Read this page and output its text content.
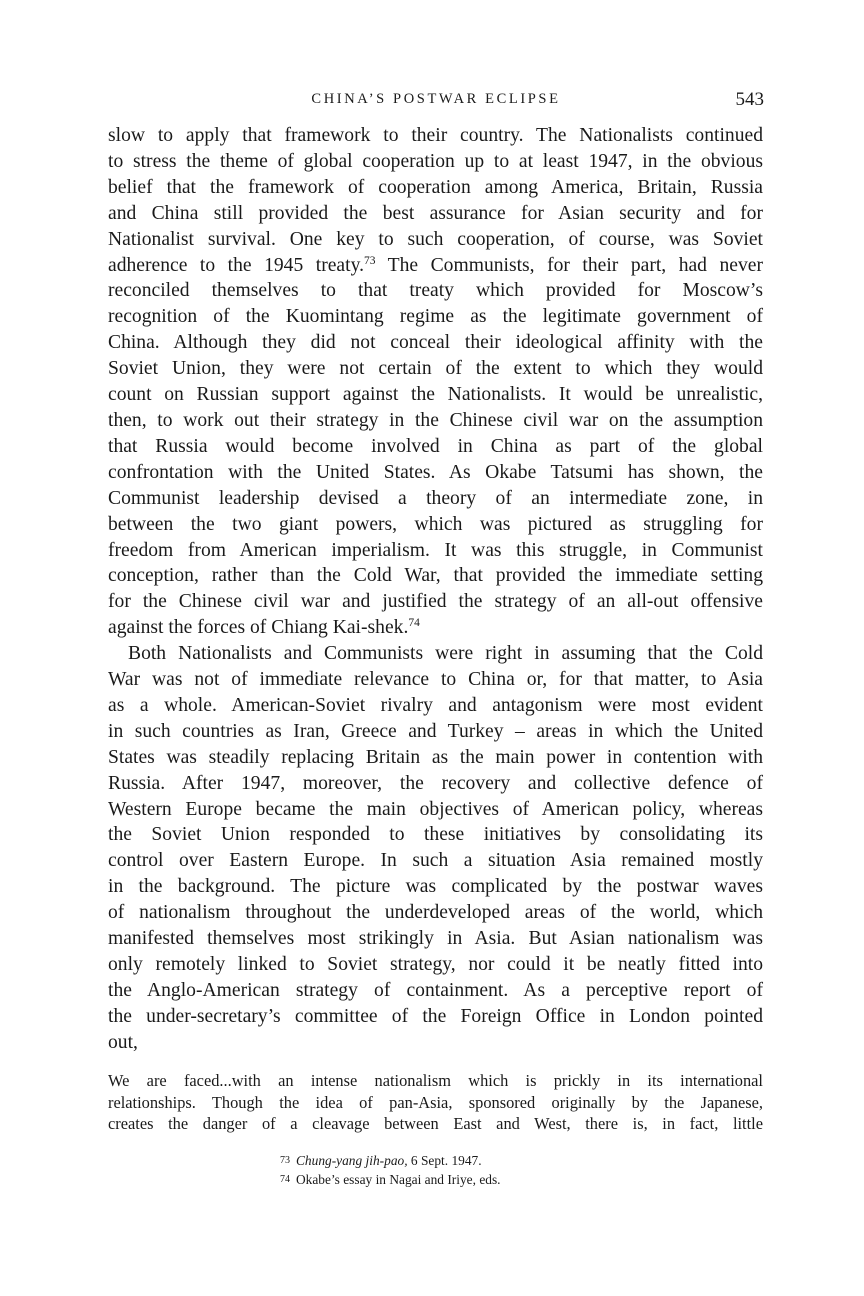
CHINA’S POSTWAR ECLIPSE	543
slow to apply that framework to their country. The Nationalists continued
to stress the theme of global cooperation up to at least 1947, in the obvious
belief that the framework of cooperation among America, Britain, Russia
and China still provided the best assurance for Asian security and for
Nationalist survival. One key to such cooperation, of course, was Soviet
adherence to the 1945 treaty.$^{73}$ The Communists, for their part, had never
reconciled themselves to that treaty which provided for Moscow’s
recognition of the Kuomintang regime as the legitimate government of
China. Although they did not conceal their ideological affinity with the
Soviet Union, they were not certain of the extent to which they would
count on Russian support against the Nationalists. It would be unrealistic,
then, to work out their strategy in the Chinese civil war on the assumption
that Russia would become involved in China as part of the global
confrontation with the United States. As Okabe Tatsumi has shown, the
Communist leadership devised a theory of an intermediate zone, in
between the two giant powers, which was pictured as struggling for
freedom from American imperialism. It was this struggle, in Communist
conception, rather than the Cold War, that provided the immediate setting
for the Chinese civil war and justified the strategy of an all-out offensive
against the forces of Chiang Kai-shek.$^{74}$
Both Nationalists and Communists were right in assuming that the Cold
War was not of immediate relevance to China or, for that matter, to Asia
as a whole. American-Soviet rivalry and antagonism were most evident
in such countries as Iran, Greece and Turkey – areas in which the United
States was steadily replacing Britain as the main power in contention with
Russia. After 1947, moreover, the recovery and collective defence of
Western Europe became the main objectives of American policy, whereas
the Soviet Union responded to these initiatives by consolidating its
control over Eastern Europe. In such a situation Asia remained mostly
in the background. The picture was complicated by the postwar waves
of nationalism throughout the underdeveloped areas of the world, which
manifested themselves most strikingly in Asia. But Asian nationalism was
only remotely linked to Soviet strategy, nor could it be neatly fitted into
the Anglo-American strategy of containment. As a perceptive report of
the under-secretary’s committee of the Foreign Office in London pointed
out,
We are faced...with an intense nationalism which is prickly in its international
relationships. Though the idea of pan-Asia, sponsored originally by the Japanese,
creates the danger of a cleavage between East and West, there is, in fact, little
73 Chung-yang jih-pao, 6 Sept. 1947.
74 Okabe’s essay in Nagai and Iriye, eds.
